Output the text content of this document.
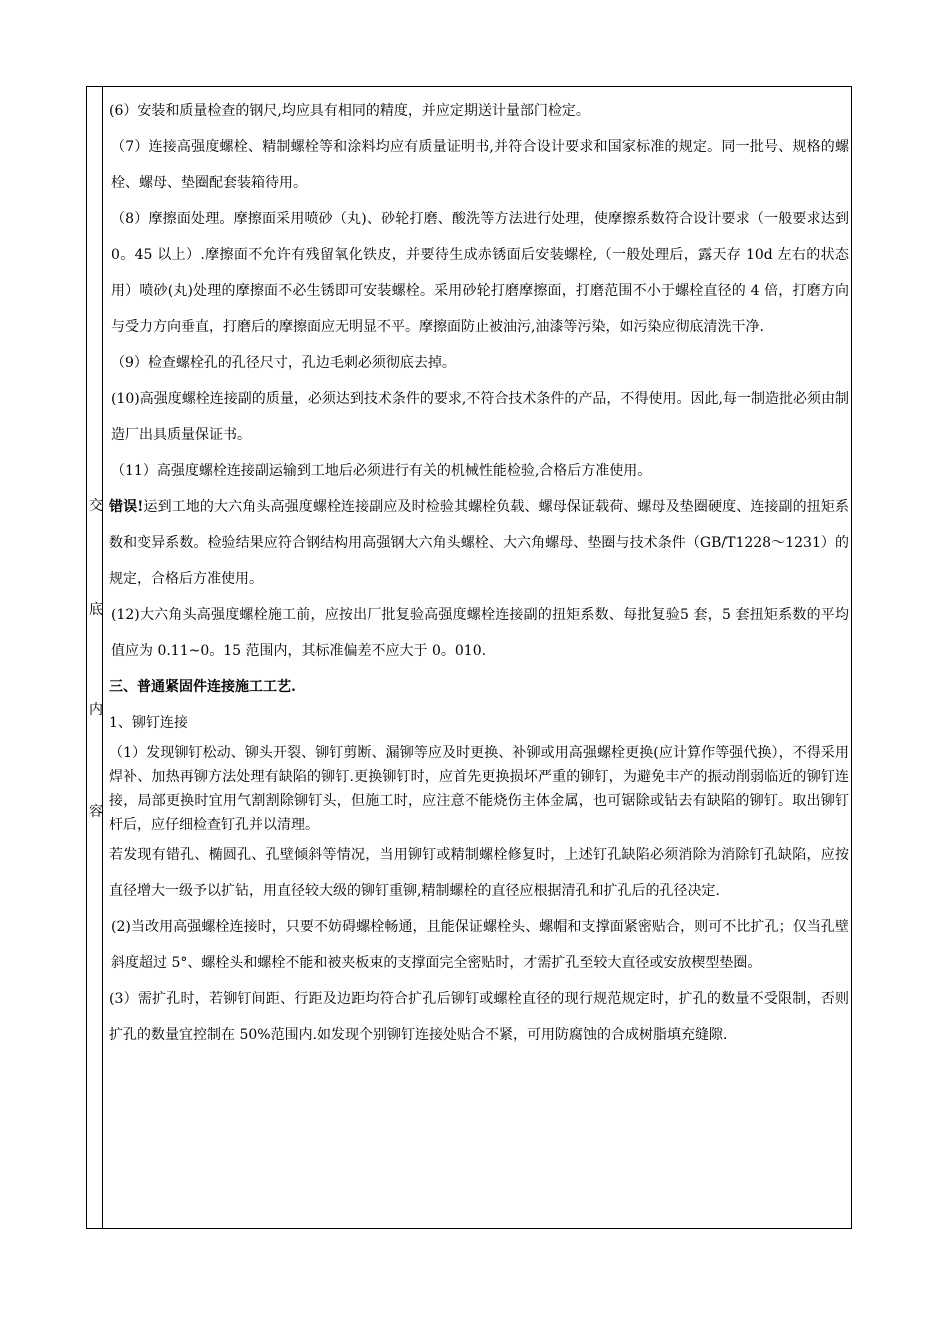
交
底
内
容

(6）安装和质量检查的钢尺,均应具有相同的精度，并应定期送计量部门检定。

（7）连接高强度螺栓、精制螺栓等和涂料均应有质量证明书,并符合设计要求和国家标准的规定。同一批号、规格的螺栓、螺母、垫圈配套装箱待用。

（8）摩擦面处理。摩擦面采用喷砂（丸)、砂轮打磨、酸洗等方法进行处理，使摩擦系数符合设计要求（一般要求达到 0。45 以上）.摩擦面不允许有残留氧化铁皮，并要待生成赤锈面后安装螺栓,（一般处理后，露天存 10d 左右的状态用）喷砂(丸)处理的摩擦面不必生锈即可安装螺栓。采用砂轮打磨摩擦面，打磨范围不小于螺栓直径的 4 倍，打磨方向与受力方向垂直，打磨后的摩擦面应无明显不平。摩擦面防止被油污,油漆等污染，如污染应彻底清洗干净.

（9）检查螺栓孔的孔径尺寸，孔边毛刺必须彻底去掉。

(10)高强度螺栓连接副的质量，必须达到技术条件的要求,不符合技术条件的产品，不得使用。因此,每一制造批必须由制造厂出具质量保证书。

（11）高强度螺栓连接副运输到工地后必须进行有关的机械性能检验,合格后方准使用。

错误!运到工地的大六角头高强度螺栓连接副应及时检验其螺栓负载、螺母保证载荷、螺母及垫圈硬度、连接副的扭矩系数和变异系数。检验结果应符合钢结构用高强钢大六角头螺栓、大六角螺母、垫圈与技术条件（GB/T1228～1231）的规定，合格后方准使用。

(12)大六角头高强度螺栓施工前，应按出厂批复验高强度螺栓连接副的扭矩系数、每批复验5 套，5 套扭矩系数的平均值应为 0.11~0。15 范围内，其标准偏差不应大于 0。010.

三、普通紧固件连接施工工艺.

1、铆钉连接

（1）发现铆钉松动、铆头开裂、铆钉剪断、漏铆等应及时更换、补铆或用高强螺栓更换(应计算作等强代换），不得采用焊补、加热再铆方法处理有缺陷的铆钉.更换铆钉时，应首先更换损坏严重的铆钉，为避免丰产的振动削弱临近的铆钉连接，局部更换时宜用气割割除铆钉头，但施工时，应注意不能烧伤主体金属，也可锯除或钻去有缺陷的铆钉。取出铆钉杆后，应仔细检查钉孔并以清理。

若发现有错孔、椭圆孔、孔壁倾斜等情况，当用铆钉或精制螺栓修复时，上述钉孔缺陷必须消除为消除钉孔缺陷，应按直径增大一级予以扩钻，用直径较大级的铆钉重铆,精制螺栓的直径应根据清孔和扩孔后的孔径决定.

(2)当改用高强螺栓连接时，只要不妨碍螺栓畅通，且能保证螺栓头、螺帽和支撑面紧密贴合，则可不比扩孔；仅当孔壁斜度超过 5°、螺栓头和螺栓不能和被夹板束的支撑面完全密贴时，才需扩孔至较大直径或安放楔型垫圈。

(3）需扩孔时，若铆钉间距、行距及边距均符合扩孔后铆钉或螺栓直径的现行规范规定时，扩孔的数量不受限制，否则扩孔的数量宜控制在 50%范围内.如发现个别铆钉连接处贴合不紧，可用防腐蚀的合成树脂填充缝隙.
